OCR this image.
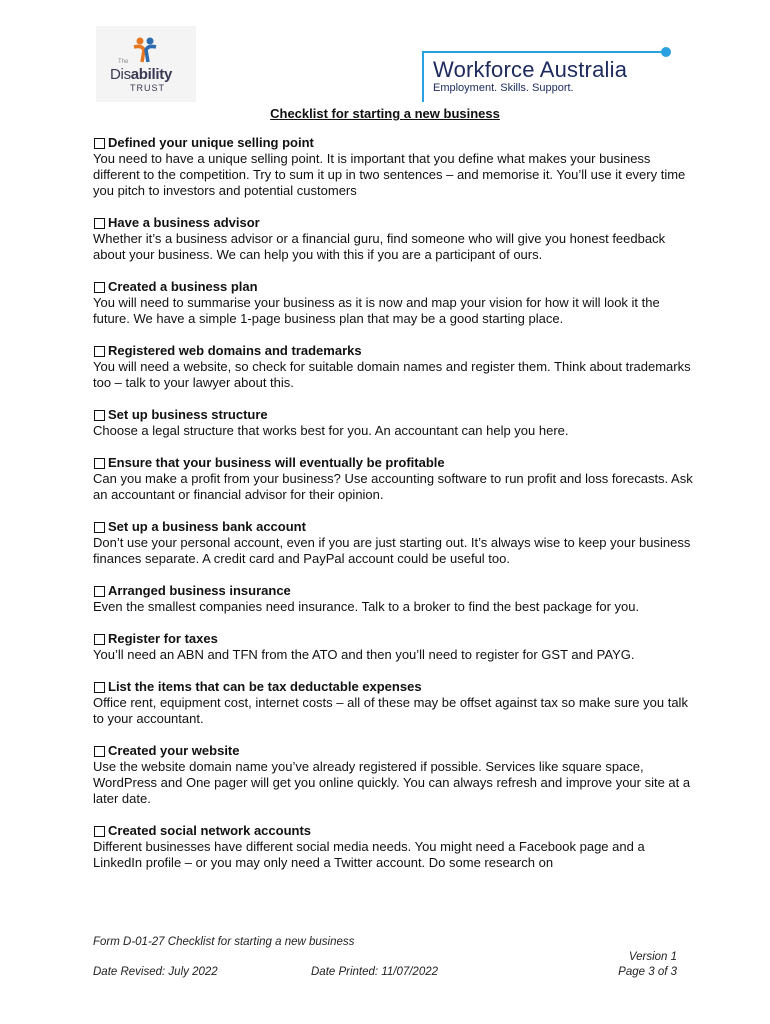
The
Disability
TRUST
Workforce Australia
Employment. Skills. Support.
Checklist for starting a new business
Defined your unique selling point
You need to have a unique selling point. It is important that you define what makes your business different to the competition. Try to sum it up in two sentences – and memorise it. You’ll use it every time you pitch to investors and potential customers
Have a business advisor
Whether it’s a business advisor or a financial guru, find someone who will give you honest feedback about your business. We can help you with this if you are a participant of ours.
Created a business plan
You will need to summarise your business as it is now and map your vision for how it will look it the future. We have a simple 1-page business plan that may be a good starting place.
Registered web domains and trademarks
You will need a website, so check for suitable domain names and register them. Think about trademarks too – talk to your lawyer about this.
Set up business structure
Choose a legal structure that works best for you. An accountant can help you here.
Ensure that your business will eventually be profitable
Can you make a profit from your business? Use accounting software to run profit and loss forecasts. Ask an accountant or financial advisor for their opinion.
Set up a business bank account
Don’t use your personal account, even if you are just starting out. It’s always wise to keep your business finances separate. A credit card and PayPal account could be useful too.
Arranged business insurance
Even the smallest companies need insurance. Talk to a broker to find the best package for you.
Register for taxes
You’ll need an ABN and TFN from the ATO and then you’ll need to register for GST and PAYG.
List the items that can be tax deductable expenses
Office rent, equipment cost, internet costs – all of these may be offset against tax so make sure you talk to your accountant.
Created your website
Use the website domain name you’ve already registered if possible. Services like square space, WordPress and One pager will get you online quickly. You can always refresh and improve your site at a later date.
Created social network accounts
Different businesses have different social media needs. You might need a Facebook page and a LinkedIn profile – or you may only need a Twitter account. Do some research on
Form D-01-27 Checklist for starting a new business
Date Revised: July 2022	Date Printed: 11/07/2022
Version 1
Page 3 of 3
